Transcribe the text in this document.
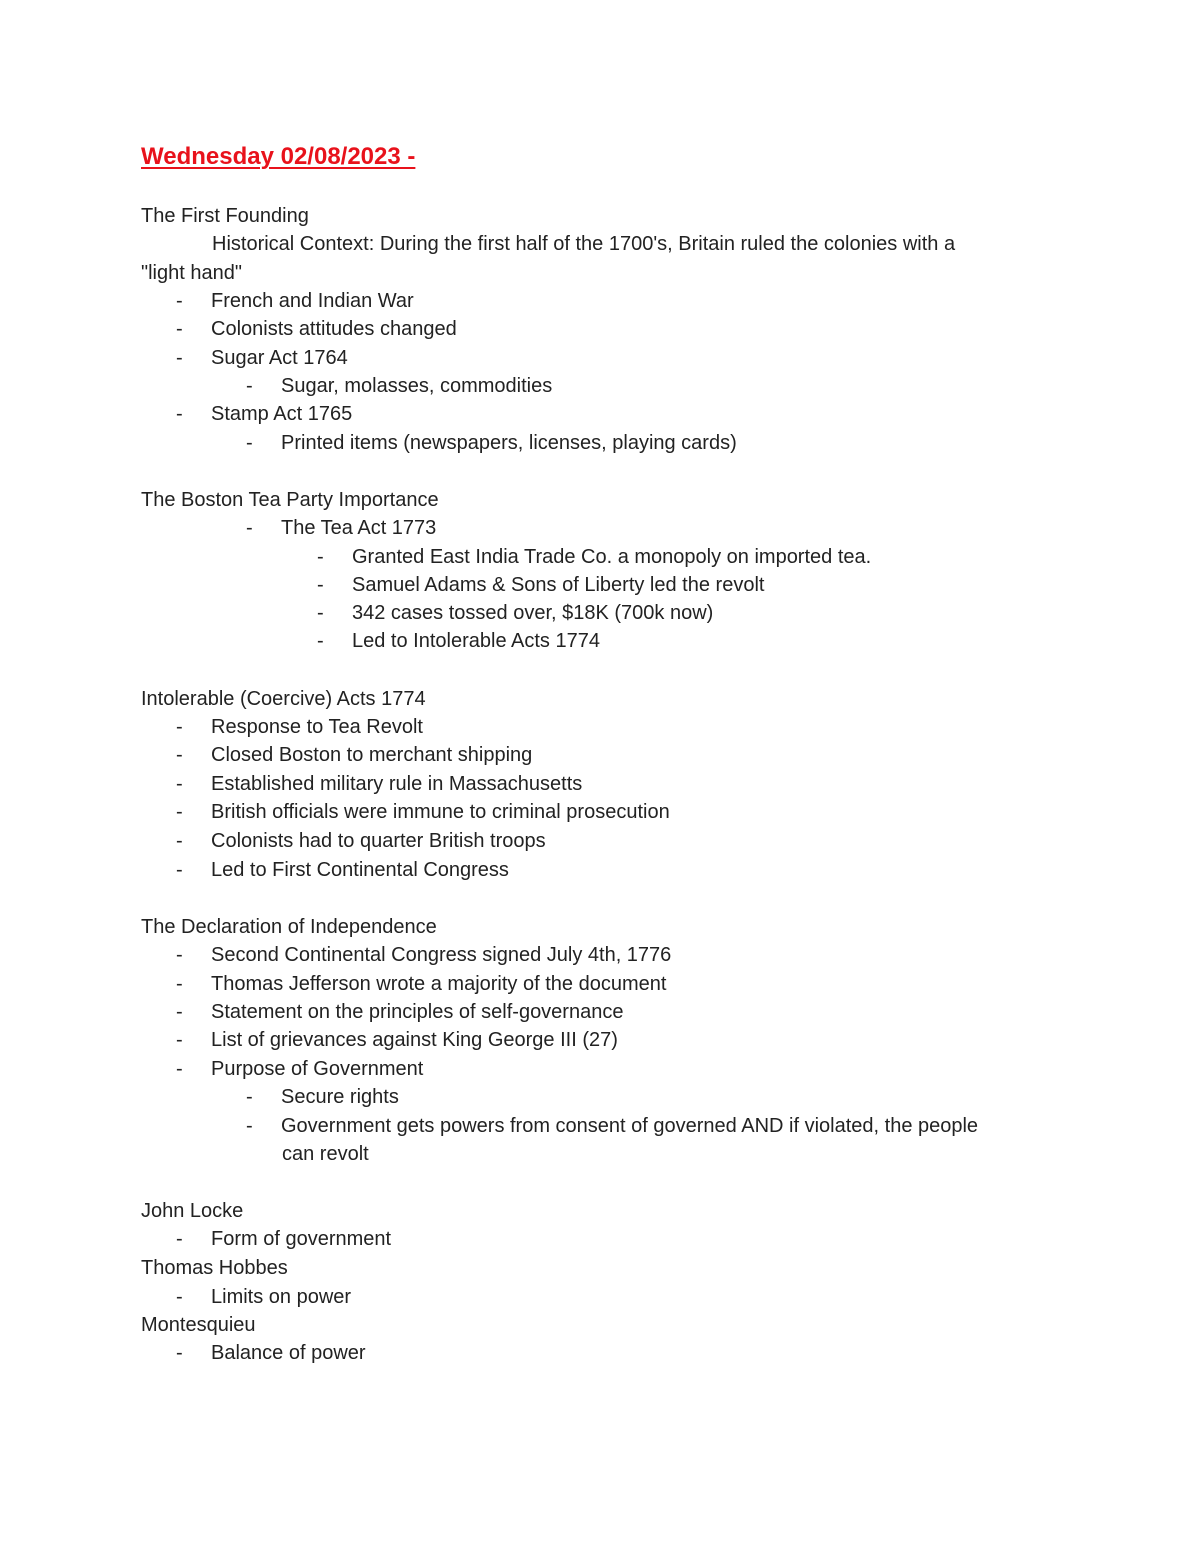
Wednesday 02/08/2023 -
The First Founding
Historical Context: During the first half of the 1700's, Britain ruled the colonies with a
"light hand"
- French and Indian War
- Colonists attitudes changed
- Sugar Act 1764
- Sugar, molasses, commodities
- Stamp Act 1765
- Printed items (newspapers, licenses, playing cards)
The Boston Tea Party Importance
- The Tea Act 1773
- Granted East India Trade Co. a monopoly on imported tea.
- Samuel Adams & Sons of Liberty led the revolt
- 342 cases tossed over, $18K (700k now)
- Led to Intolerable Acts 1774
Intolerable (Coercive) Acts 1774
- Response to Tea Revolt
- Closed Boston to merchant shipping
- Established military rule in Massachusetts
- British officials were immune to criminal prosecution
- Colonists had to quarter British troops
- Led to First Continental Congress
The Declaration of Independence
- Second Continental Congress signed July 4th, 1776
- Thomas Jefferson wrote a majority of the document
- Statement on the principles of self-governance
- List of grievances against King George III (27)
- Purpose of Government
- Secure rights
- Government gets powers from consent of governed AND if violated, the people
can revolt
John Locke
- Form of government
Thomas Hobbes
- Limits on power
Montesquieu
- Balance of power
